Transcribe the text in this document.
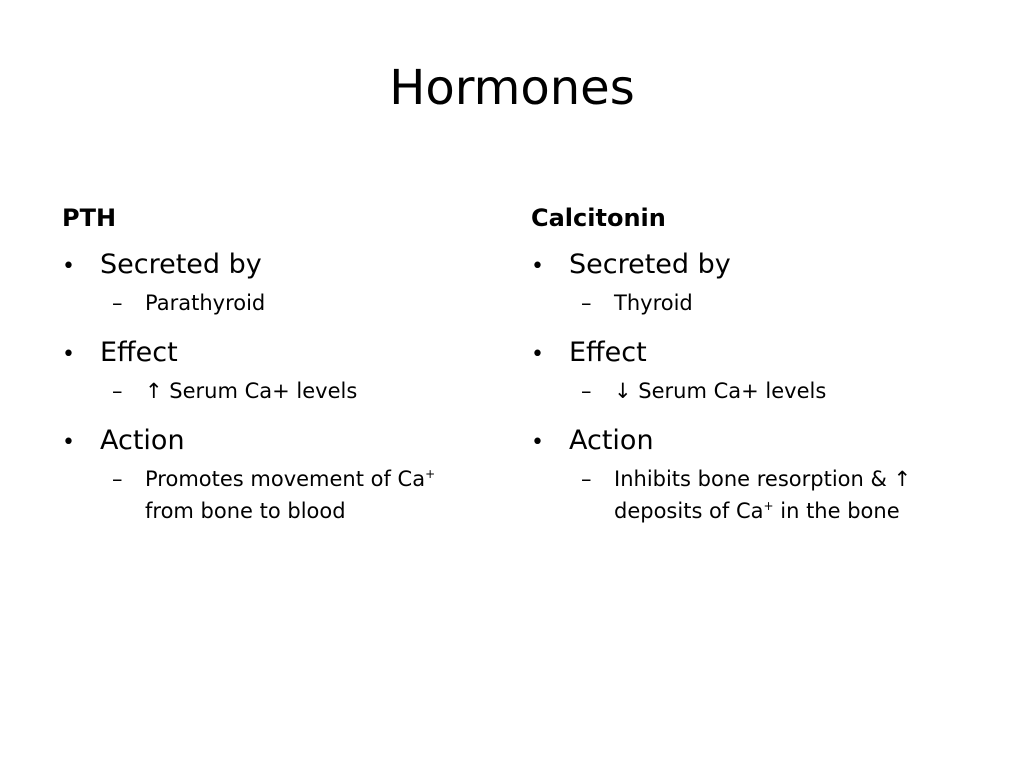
Hormones
PTH
• Secreted by
–	Parathyroid
• Effect
–	↑ Serum Ca+ levels
• Action
–	Promotes movement of Ca+
from bone to blood
Calcitonin
• Secreted by
–	Thyroid
• Effect
–	↓ Serum Ca+ levels
• Action
–	Inhibits bone resorption & ↑
deposits of Ca+ in the bone
